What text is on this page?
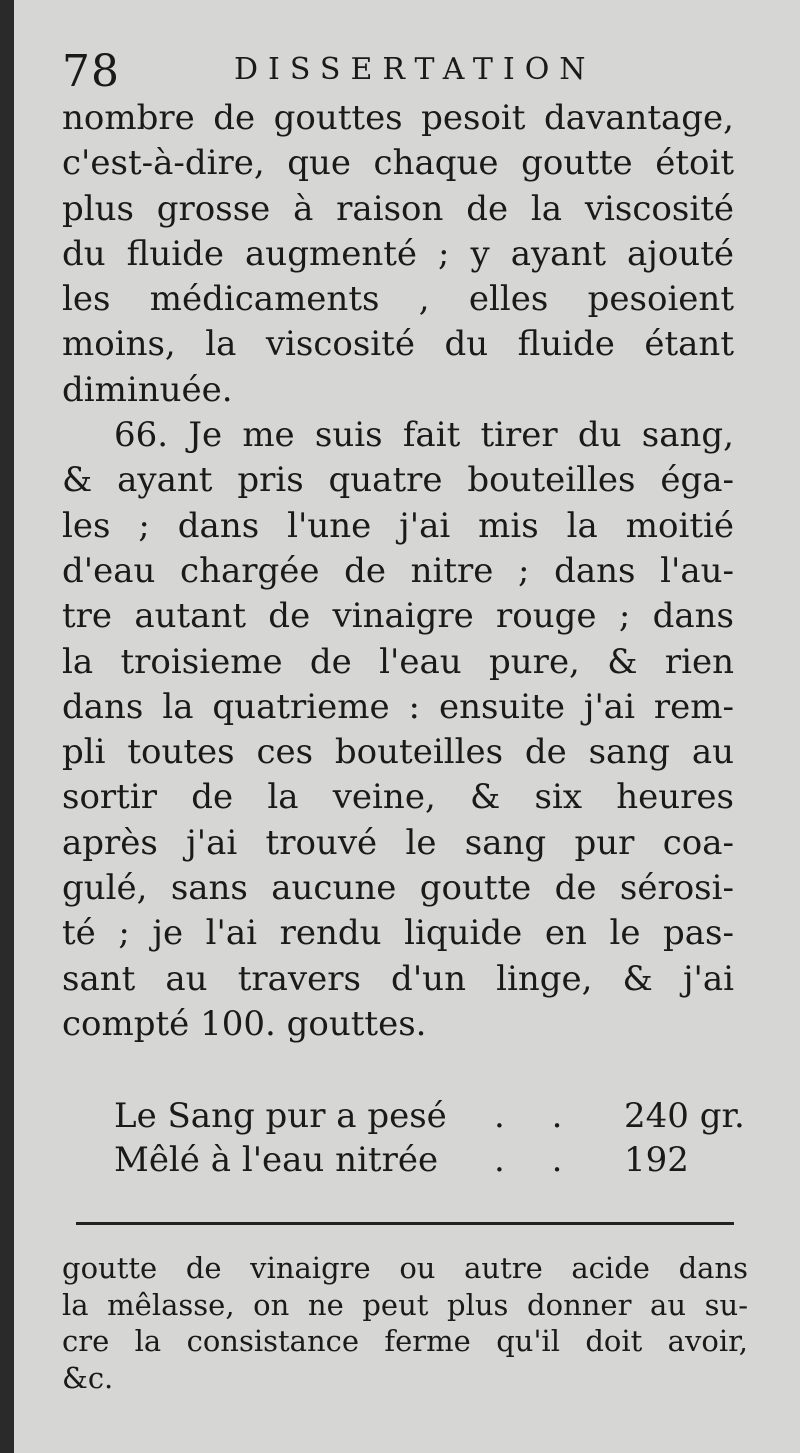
78	DISSERTATION
nombre de gouttes pesoit davantage,
c'est-à-dire, que chaque goutte étoit
plus grosse à raison de la viscosité
du fluide augmenté ; y ayant ajouté
les médicaments , elles pesoient
moins, la viscosité du fluide étant
diminuée.
66. Je me suis fait tirer du sang,
& ayant pris quatre bouteilles éga-
les ; dans l'une j'ai mis la moitié
d'eau chargée de nitre ; dans l'au-
tre autant de vinaigre rouge ; dans
la troisieme de l'eau pure, & rien
dans la quatrieme : ensuite j'ai rem-
pli toutes ces bouteilles de sang au
sortir de la veine, & six heures
après j'ai trouvé le sang pur coa-
gulé, sans aucune goutte de sérosi-
té ; je l'ai rendu liquide en le pas-
sant au travers d'un linge, & j'ai
compté 100. gouttes.
Le Sang pur a pesé	. .	240 gr.
Mêlé à l'eau nitrée	. .	192
goutte de vinaigre ou autre acide dans
la mêlasse, on ne peut plus donner au su-
cre la consistance ferme qu'il doit avoir,
&c.
